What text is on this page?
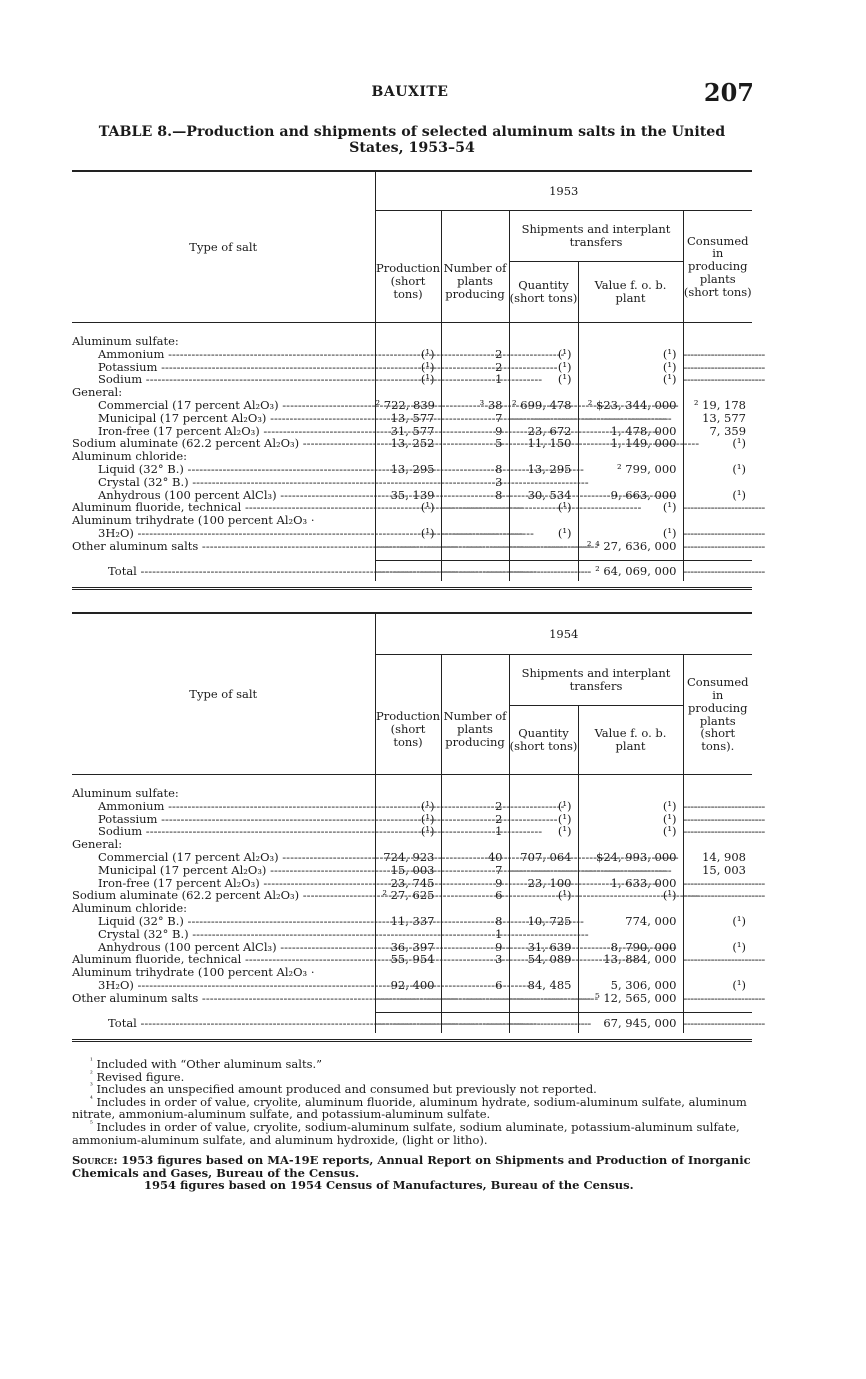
BAUXITE	207
TABLE 8.—Production and shipments of selected aluminum salts in the United States, 1953–54
Type of salt	1953				
	Production (short tons)	Number of plants producing	Shipments and interplant transfers		Consumed in producing plants (short tons)
			Quantity (short tons)	Value f. o. b. plant	

Aluminum sulfate:					
Ammonium -----	(¹)	2	(¹)	(¹)	------------------------
Potassium -----	(¹)	2	(¹)	(¹)	------------------------
Sodium -----	(¹)	1	(¹)	(¹)	------------------------
General:					
Commercial (17 percent Al₂O₃) -----	² 722, 839	³ 38	² 699, 478	² $23, 344, 000	² 19, 178
Municipal (17 percent Al₂O₃) -----	13, 577	7	------------------------	------------------------	13, 577
Iron-free (17 percent Al₂O₃) -----	31, 577	9	23, 672	1, 478, 000	7, 359
Sodium aluminate (62.2 percent Al₂O₃) -----	13, 252	5	11, 150	1, 149, 000	(¹)
Aluminum chloride:					
Liquid (32° B.) -----	13, 295	8	13, 295	² 799, 000	(¹)
Crystal (32° B.) -----		3			
Anhydrous (100 percent AlCl₃) -----	35, 139	8	30, 534	9, 663, 000	(¹)
Aluminum fluoride, technical -----	(¹)	------------------------	(¹)	(¹)	------------------------
Aluminum trihydrate (100 percent Al₂O₃ ·					
3H₂O) -----	(¹)	------------------------	(¹)	(¹)	------------------------
Other aluminum salts -----	------------------------	------------------------	------------------------	² ⁴ 27, 636, 000	------------------------

Total -----	------------------------	------------------------	------------------------	² 64, 069, 000	------------------------

Type of salt	1954				
	Production (short tons)	Number of plants producing	Shipments and interplant transfers		Consumed in producing plants (short tons).
			Quantity (short tons)	Value f. o. b. plant	

Aluminum sulfate:					
Ammonium -----	(¹)	2	(¹)	(¹)	------------------------
Potassium -----	(¹)	2	(¹)	(¹)	------------------------
Sodium -----	(¹)	1	(¹)	(¹)	------------------------
General:					
Commercial (17 percent Al₂O₃) -----	724, 923	40	707, 064	$24, 993, 000	14, 908
Municipal (17 percent Al₂O₃) -----	15, 003	7	------------------------	------------------------	15, 003
Iron-free (17 percent Al₂O₃) -----	23, 745	9	23, 100	1, 633, 000	------------------------
Sodium aluminate (62.2 percent Al₂O₃) -----	² 27, 625	6	(¹)	(¹)	------------------------
Aluminum chloride:					
Liquid (32° B.) -----	11, 337	8	10, 725	774, 000	(¹)
Crystal (32° B.) -----		1			
Anhydrous (100 percent AlCl₃) -----	36, 397	9	31, 639	8, 790, 000	(¹)
Aluminum fluoride, technical -----	55, 954	3	54, 089	13, 884, 000	------------------------
Aluminum trihydrate (100 percent Al₂O₃ ·					
3H₂O) -----	92, 400	6	84, 485	5, 306, 000	(¹)
Other aluminum salts -----	------------------------	------------------------	------------------------	⁵ 12, 565, 000	------------------------

Total -----	------------------------	------------------------	------------------------	67, 945, 000	------------------------

$^{^1}$ Included with “Other aluminum salts.”

$^{^2}$ Revised figure.

$^{^3}$ Includes an unspecified amount produced and consumed but previously not reported.

$^{^4}$ Includes in order of value, cryolite, aluminum fluoride, aluminum hydrate, sodium-aluminum sulfate, aluminum nitrate, ammonium-aluminum sulfate, and potassium-aluminum sulfate.

$^{^5}$ Includes in order of value, cryolite, sodium-aluminum sulfate, sodium aluminate, potassium-aluminum sulfate, ammonium-aluminum sulfate, and aluminum hydroxide, (light or litho).

Source: 1953 figures based on MA-19E reports, Annual Report on Shipments and Production of Inorganic Chemicals and Gases, Bureau of the Census.

1954 figures based on 1954 Census of Manufactures, Bureau of the Census.
